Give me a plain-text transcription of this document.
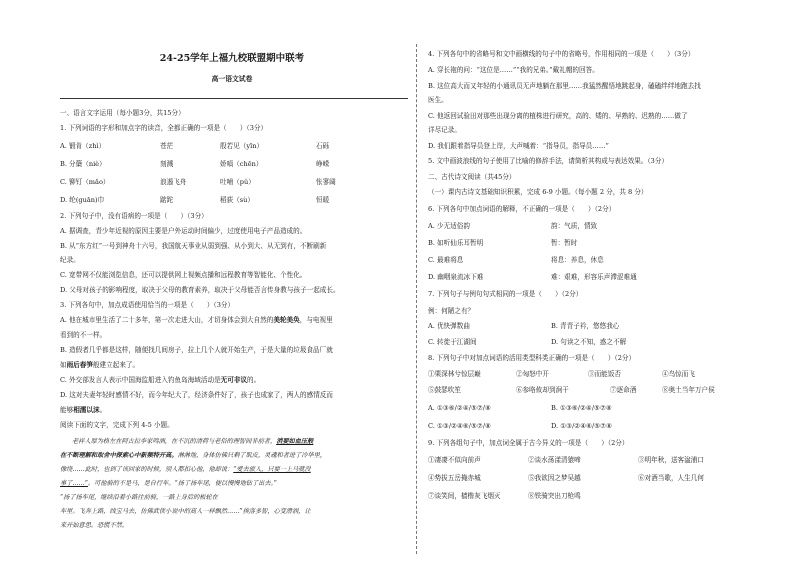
24-25学年上福九校联盟期中联考
高一语文试卷
一、语言文字运用（每小题3分，共15分）
1. 下列词语的字形和加点字的读音，全都正确的一项是（　　）（3分）
A. 锻肯（zhì）	苍茫	殷若见（yīn）	石砾
B. 分蘖（niè）	刻溅	娇嗔（chēn）	峥嵘
C. 铆钉（mǎo）	浪遏飞舟	吐哺（pǔ）	怅寥阔
D. 纶(guān)巾	踮跎	稻荻（sù）	恒暖
2. 下列句子中，没有语病的一项是（　　）（3分）
A. 据调查，青少年近视的原因主要是户外运动时间偏少，过度使用电子产品造成的。
B. 从“东方红”一号到神舟十六号，我国航天事业从弱到强、从小到大、从无到有，不断刷新
纪录。
C. 宽带网不仅能浏览信息，还可以提供网上视频点播和远程教育等智能化、个性化。
D. 父母对孩子的影响程度，取决于父母的教育素养，取决于父母能否言传身教与孩子一起成长。
3. 下列各句中，加点成语使用恰当的一项是（　　）（3分）
A. 他在城市里生活了二十多年，第一次走进大山，才切身体会到大自然的美轮美奂，与电视里
看到的不一样。
B. 造假者几乎都是这样，随便找几间房子，拉上几个人就开始生产，于是大量的垃圾食品厂就
如雨后春笋般建立起来了。
C. 外交部发言人表示中国海监船进入钓鱼岛海域活动是无可非议的。
D. 这对夫妻年轻时感情不好，而今年纪大了，经济条件好了，孩子也成家了，两人的感情反而
能够相濡以沫。
阅读下面的文字，完成下列 4-5 小题。
老祥人厚为格左在阿古拉李家鸣酒，在不沉的清荷与老俗的理智间非前者，消要如血压般
在不断理解和取舍中探索心中新频特开高。淋淋地，身体仿佛只剩了肌皮，灵魂和者进了冷华里，
像绕……此时，也到了该回家的时候，别人都扣心他，他却说：“爱去旅人，只要一上马就没
事了……”。可他骑的不是马，是自行车。“扬了扬车尾，便以慢慢地钻了出去。”
“扬了扬车尾，继续沿着小路往前骑，一路上身后的板轮在
车里。飞奔上路，线宝马去，仿佛武侠小说中的高人一样飘然……”挨落多智，心变滑润，让
来开始意思。恐慌不禁。
4. 下列各句中的省略号和文中画横线的句子中的省略号，作用相同的一项是（　　）（3分）
A. 穿长袍的问：“这位是……”“我的兄弟。”戴礼帽的回答。
B. 这位高大而又年轻的小通讯员无声地躺在那里……我猛然醒悟地跳起身，磕磕绊绊地跑去找
医生。
C. 他返回试验田对那些出现分离的植株进行研究，高的、矮的、早熟的、迟熟的……做了
详尽记录。
D. 我们跟着指导员登上岸，大声喊着：“指导员，指导员……”
5. 文中画波浪线的句子使用了比喻的修辞手法，请简析其构成与表达效果。（3分）
二、古代诗文阅读（共45分）
（一）课内古诗文基础知识积累，完成 6-9 小题。（每小题 2 分，共 8 分）
6. 下列各句中加点词语的解释，不正确的一项是（　　）（2分）
A. 少无适俗韵	韵：气质，情致
B. 如听仙乐耳暂明	暂：暂时
C. 最难将息	将息：养息，休息
D. 幽咽泉流冰下难	难：艰难，形容乐声滞涩难通
7. 下列句子与例句句式相同的一项是（　　）（2分）
例：何陋之有？
A. 优快弹数曲	B. 青青子衿，悠悠我心
C. 转徙于江湖间	D. 句读之不知，惑之不解
8. 下列句子中对加点词语的活用类型科类正确的一项是（　　）（2分）
①栗深林兮惊层巅	②匈怒中开	③而能饭否	④鸟惊而飞
⑤鼓瑟吹笙	⑥参咯攸却到涧干	⑦逐命酒	⑧奥土当年万户侯
A. ①③⑥/②④/⑤⑦/⑧	B. ①③⑥/②④/⑤⑦⑧
C. ①③/②④⑥/⑤⑦/⑧	D. ①③/②④⑥/⑤⑦⑧
9. 下列各组句子中，加点词全属于古今异义的一项是（　　）（2分）
①凄凄不似向前声	②谈水荡漾清猿啼	③明年秋，送客湓浦口
④势拔五岳掩赤城	⑤我欲因之梦吴越	⑥对酒当歌，人生几何
⑦谈笑间，樯橹灰飞烟灭	⑧铁骑突出刀枪鸣
